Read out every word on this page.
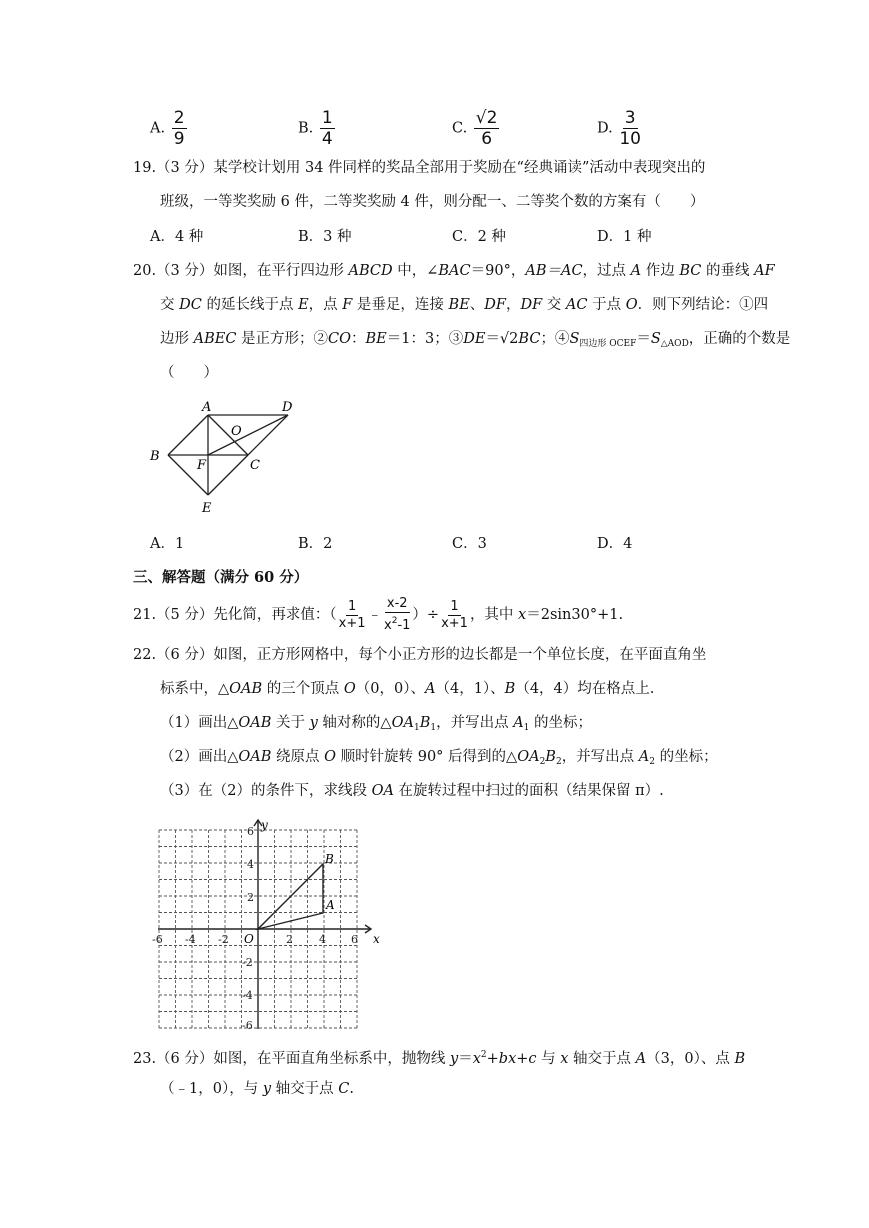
A. $\frac{2}{9}$	B. $\frac{1}{4}$	C. $\frac{√2}{6}$	D. $\frac{3}{10}$
19.（3 分）某学校计划用 34 件同样的奖品全部用于奖励在“经典诵读”活动中表现突出的
班级，一等奖奖励 6 件，二等奖奖励 4 件，则分配一、二等奖个数的方案有（　　）
A．4 种	B．3 种	C．2 种	D．1 种
20.（3 分）如图，在平行四边形 ABCD 中，∠BAC＝90°，AB＝AC，过点 A 作边 BC 的垂线 AF
交 DC 的延长线于点 E，点 F 是垂足，连接 BE、DF，DF 交 AC 于点 O．则下列结论：①四
边形 ABEC 是正方形；②CO：BE＝1：3；③DE＝√2BC；$④S_{四边形 OCEF}=S_{\triangle AOD}$，正确的个数是
（　　）
A	D
O
B
F	C
E
A．1	B．2	C．3	D．4
三、解答题（满分 60 分）
21.（5 分）先化简，再求值：（ $\frac{1}{x+1}$ ﹣ $\frac{x-2}{x^2-1}$ ）÷ $\frac{1}{x+1}$ ，其中 x＝2sin30°+1.
22.（6 分）如图，正方形网格中，每个小正方形的边长都是一个单位长度，在平面直角坐
标系中，△OAB 的三个顶点 O（0，0）、A（4，1）、B（4，4）均在格点上.
（1）画出△OAB 关于 y 轴对称的$\triangle OA_1B_1$，并写出点 $A_1$ 的坐标；
（2）画出△OAB 绕原点 O 顺时针旋转 90° 后得到的$\triangle OA_2B_2$，并写出点 $A_2$ 的坐标；
（3）在（2）的条件下，求线段 OA 在旋转过程中扫过的面积（结果保留 π）.
x
y
O
A
B
-6 -4 -2	2 4 6
6
4
2
-2
-4
-6
23.（6 分）如图，在平面直角坐标系中，抛物线 $y=x^2+bx+c$ 与 x 轴交于点 A（3，0）、点 B
（﹣1，0），与 y 轴交于点 C.
